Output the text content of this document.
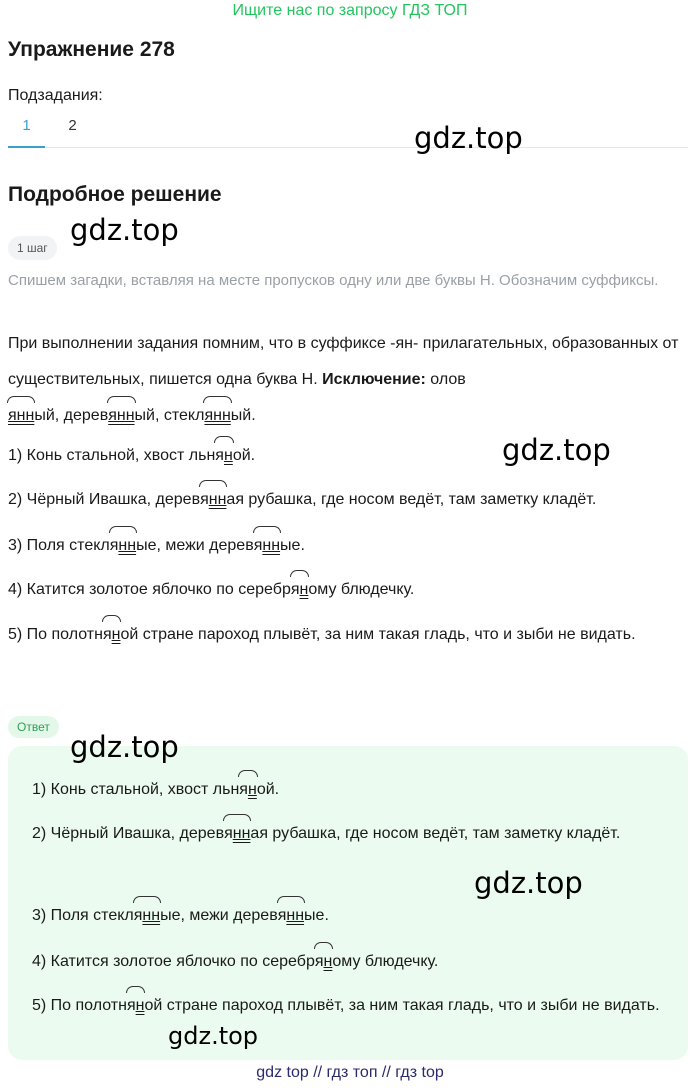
Ищите нас по запросу ГДЗ ТОП
Упражнение 278
Подзадания:
1	2
Подробное решение
1 шаг
Спишем загадки, вставляя на месте пропусков одну или две буквы Н. Обозначим суффиксы.
При выполнении задания помним, что в суффиксе -ян- прилагательных, образованных от существительных, пишется одна буква Н. Исключение: олов
янный, деревянный, стеклянный.
1) Конь стальной, хвост льняной.
2) Чёрный Ивашка, деревянная рубашка, где носом ведёт, там заметку кладёт.
3) Поля стеклянные, межи деревянные.
4) Катится золотое яблочко по серебряному блюдечку.
5) По полотняной стране пароход плывёт, за ним такая гладь, что и зыби не видать.
Ответ
1) Конь стальной, хвост льняной.
2) Чёрный Ивашка, деревянная рубашка, где носом ведёт, там заметку кладёт.
3) Поля стеклянные, межи деревянные.
4) Катится золотое яблочко по серебряному блюдечку.
5) По полотняной стране пароход плывёт, за ним такая гладь, что и зыби не видать.
gdz.top
gdz.top
gdz.top
gdz.top
gdz.top
gdz.top
gdz top // гдз топ // гдз top
